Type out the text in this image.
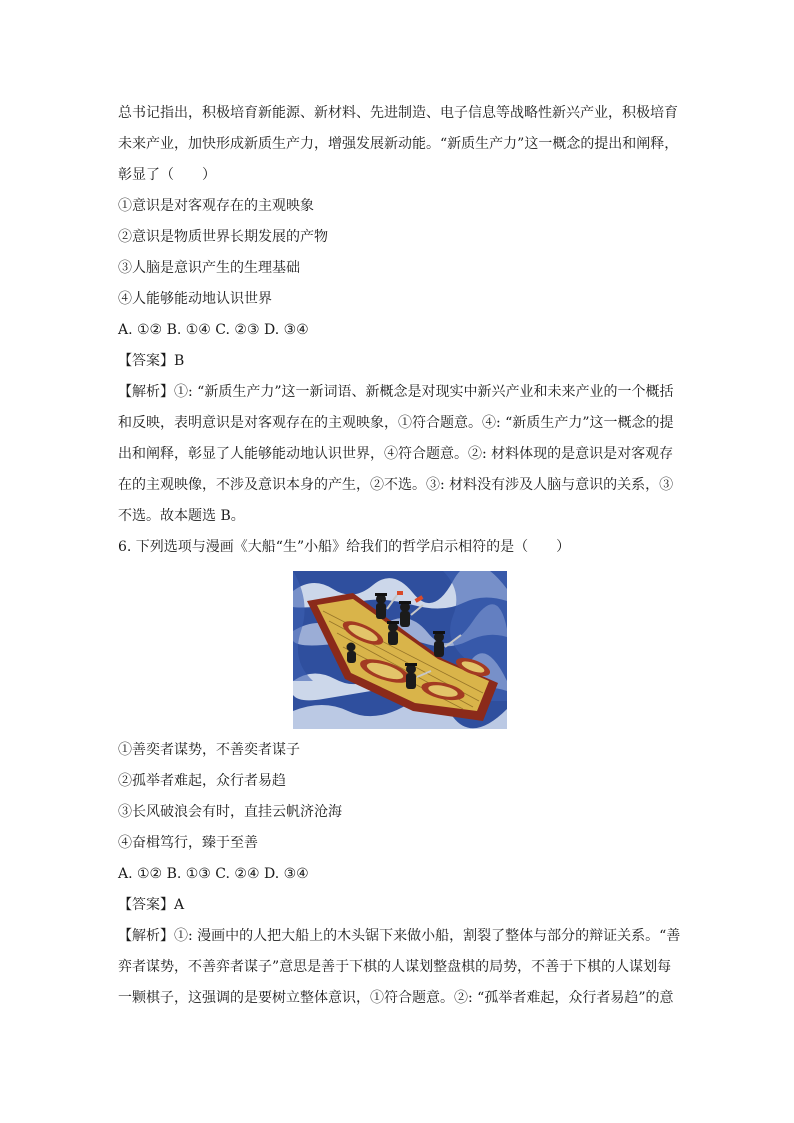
总书记指出，积极培育新能源、新材料、先进制造、电子信息等战略性新兴产业，积极培育

未来产业，加快形成新质生产力，增强发展新动能。“新质生产力”这一概念的提出和阐释，

彰显了（　　）

①意识是对客观存在的主观映象

②意识是物质世界长期发展的产物

③人脑是意识产生的生理基础

④人能够能动地认识世界

A. ①② B. ①④ C. ②③ D. ③④

【答案】B

【解析】①: “新质生产力”这一新词语、新概念是对现实中新兴产业和未来产业的一个概括

和反映，表明意识是对客观存在的主观映象，①符合题意。④: “新质生产力”这一概念的提

出和阐释，彰显了人能够能动地认识世界，④符合题意。②: 材料体现的是意识是对客观存

在的主观映像，不涉及意识本身的产生，②不选。③: 材料没有涉及人脑与意识的关系，③

不选。故本题选 B。

6. 下列选项与漫画《大船“生”小船》给我们的哲学启示相符的是（　　）

①善奕者谋势，不善奕者谋子

②孤举者难起，众行者易趋

③长风破浪会有时，直挂云帆济沧海

④奋楫笃行，臻于至善

A. ①② B. ①③ C. ②④ D. ③④

【答案】A

【解析】①: 漫画中的人把大船上的木头锯下来做小船，割裂了整体与部分的辩证关系。“善

弈者谋势，不善弈者谋子”意思是善于下棋的人谋划整盘棋的局势，不善于下棋的人谋划每

一颗棋子，这强调的是要树立整体意识，①符合题意。②: “孤举者难起，众行者易趋”的意
